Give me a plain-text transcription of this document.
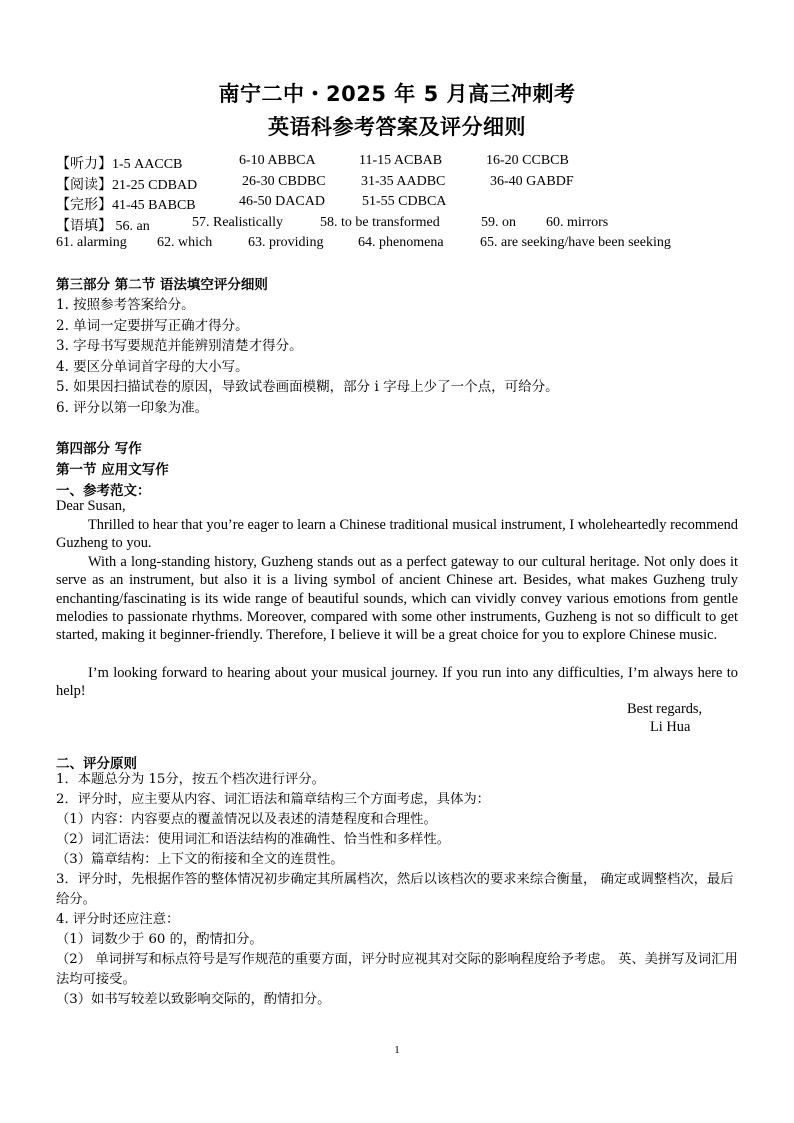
南宁二中・2025 年 5 月高三冲刺考
英语科参考答案及评分细则
【听力】1-5 AACCB	6-10 ABBCA	11-15 ACBAB	16-20 CCBCB
【阅读】21-25 CDBAD	26-30 CBDBC	31-35 AADBC	36-40 GABDF
【完形】41-45 BABCB	46-50 DACAD	51-55 CDBCA
【语填】 56. an	57. Realistically	58. to be transformed	59. on 60. mirrors
61. alarming 62. which	63. providing 64. phenomena	65. are seeking/have been seeking
第三部分 第二节 语法填空评分细则
1. 按照参考答案给分。
2. 单词一定要拼写正确才得分。
3. 字母书写要规范并能辨别清楚才得分。
4. 要区分单词首字母的大小写。
5. 如果因扫描试卷的原因，导致试卷画面模糊，部分 i 字母上少了一个点，可给分。
6. 评分以第一印象为准。
第四部分 写作
第一节 应用文写作
一、参考范文：
Dear Susan,
Thrilled to hear that you’re eager to learn a Chinese traditional musical instrument, I wholeheartedly recommend Guzheng to you.
With a long-standing history, Guzheng stands out as a perfect gateway to our cultural heritage. Not only does it serve as an instrument, but also it is a living symbol of ancient Chinese art. Besides, what makes Guzheng truly enchanting/fascinating is its wide range of beautiful sounds, which can vividly convey various emotions from gentle melodies to passionate rhythms. Moreover, compared with some other instruments, Guzheng is not so difficult to get started, making it beginner-friendly. Therefore, I believe it will be a great choice for you to explore Chinese music.
I’m looking forward to hearing about your musical journey. If you run into any difficulties, I’m always here to help!
Best regards,
Li Hua
二、评分原则
1．本题总分为 15分，按五个档次进行评分。
2．评分时，应主要从内容、词汇语法和篇章结构三个方面考虑，具体为：
（1）内容：内容要点的覆盖情况以及表述的清楚程度和合理性。
（2）词汇语法：使用词汇和语法结构的准确性、恰当性和多样性。
（3）篇章结构：上下文的衔接和全文的连贯性。
3．评分时，先根据作答的整体情况初步确定其所属档次，然后以该档次的要求来综合衡量， 确定或调整档次，最后给分。
4. 评分时还应注意：
（1）词数少于 60 的，酌情扣分。
（2） 单词拼写和标点符号是写作规范的重要方面，评分时应视其对交际的影响程度给予考虑。 英、美拼写及词汇用法均可接受。
（3）如书写较差以致影响交际的，酌情扣分。
1
